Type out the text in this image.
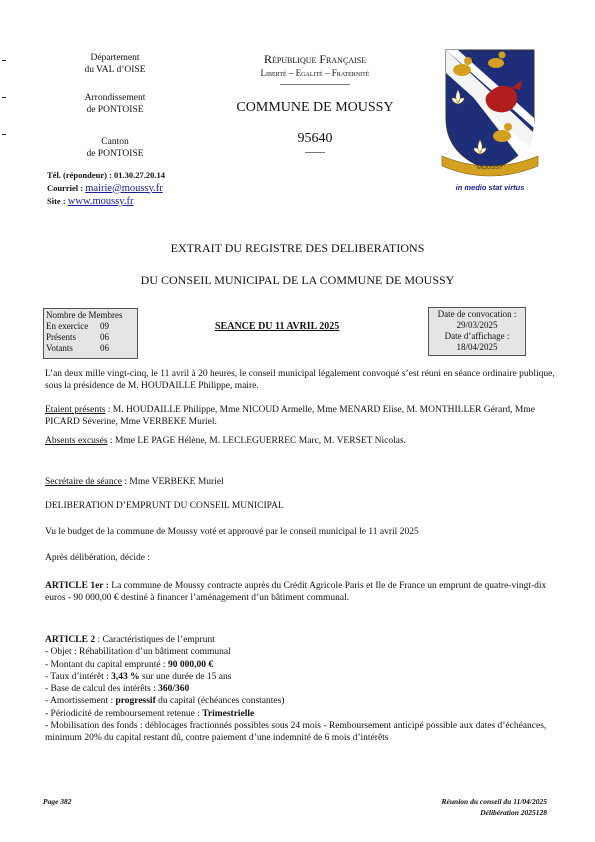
Département
du VAL d’OISE
Arrondissement
de PONTOISE
Canton
de PONTOISE
Tél. (répondeur) : 01.30.27.20.14
Courriel : mairie@moussy.fr
Site : www.moussy.fr
République Française
Liberté – Egalité – Fraternité
COMMUNE DE MOUSSY
95640
MOUSSY
in medio stat virtus
EXTRAIT DU REGISTRE DES DELIBERATIONS
DU CONSEIL MUNICIPAL DE LA COMMUNE DE MOUSSY
Nombre de Membres
En exercice 09
Présents	06
Votants	06
SEANCE DU 11 AVRIL 2025
Date de convocation :
29/03/2025
Date d’affichage :
18/04/2025
L’an deux mille vingt-cinq, le 11 avril à 20 heures, le conseil municipal légalement convoqué s’est réuni en séance ordinaire publique, sous la présidence de M. HOUDAILLE Philippe, maire.
Etaient présents : M. HOUDAILLE Philippe, Mme NICOUD Armelle, Mme MENARD Elise, M. MONTHILLER Gérard, Mme PICARD Séverine, Mme VERBEKE Muriel.
Absents excusés : Mme LE PAGE Hélène, M. LECLEGUERREC Marc, M. VERSET Nicolas.
Secrétaire de séance : Mme VERBEKE Muriel
DELIBERATION D’EMPRUNT DU CONSEIL MUNICIPAL
Vu le budget de la commune de Moussy voté et approuvé par le conseil municipal le 11 avril 2025
Après délibération, décide :
ARTICLE 1er : La commune de Moussy contracte auprès du Crédit Agricole Paris et Ile de France un emprunt de quatre-vingt-dix euros - 90 000,00 € destiné à financer l’aménagement d’un bâtiment communal.
ARTICLE 2 : Caractéristiques de l’emprunt
- Objet : Réhabilitation d’un bâtiment communal
- Montant du capital emprunté : 90 000,00 €
- Taux d’intérêt : 3,43 % sur une durée de 15 ans
- Base de calcul des intérêts : 360/360
- Amortissement : progressif du capital (échéances constantes)
- Périodicité de remboursement retenue : Trimestrielle
- Mobilisation des fonds : déblocages fractionnés possibles sous 24 mois - Remboursement anticipé possible aux dates d’échéances, minimum 20% du capital restant dû, contre paiement d’une indemnité de 6 mois d’intérêts
Page 382	Réunion du conseil du 11/04/2025
Délibération 2025128
